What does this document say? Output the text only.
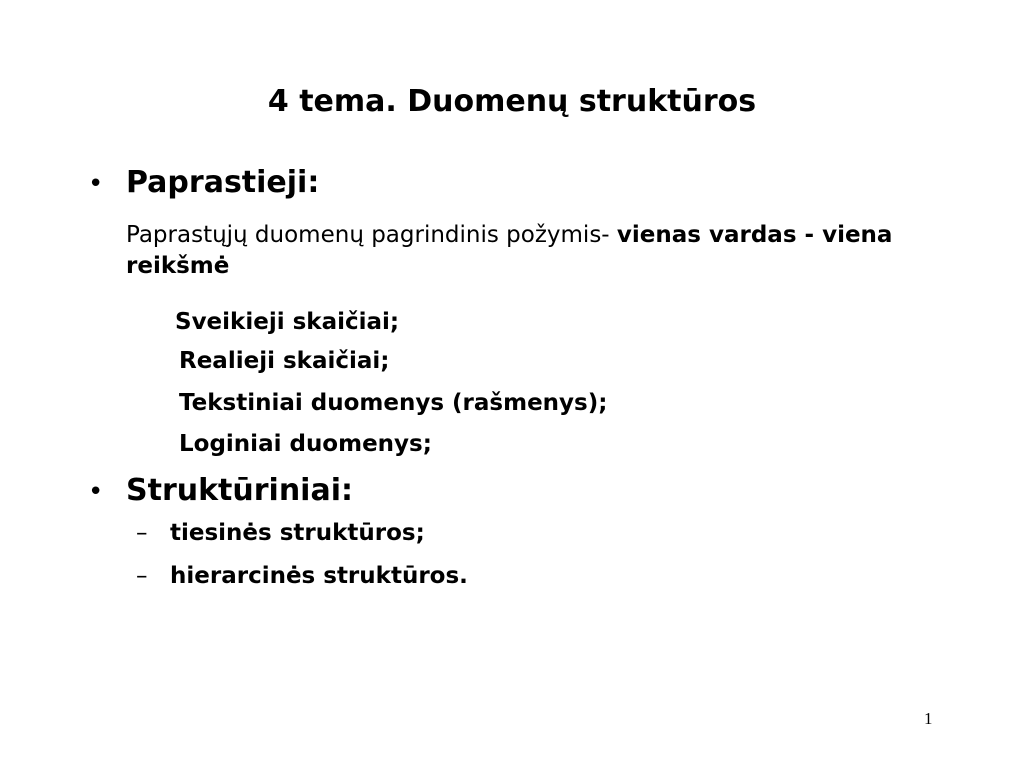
4 tema. Duomenų struktūros
• Paprastieji:
Paprastųjų duomenų pagrindinis požymis- vienas vardas - viena reikšmė
Sveikieji skaičiai;
Realieji skaičiai;
Tekstiniai duomenys (rašmenys);
Loginiai duomenys;
• Struktūriniai:
– tiesinės struktūros;
– hierarcinės struktūros.
1
